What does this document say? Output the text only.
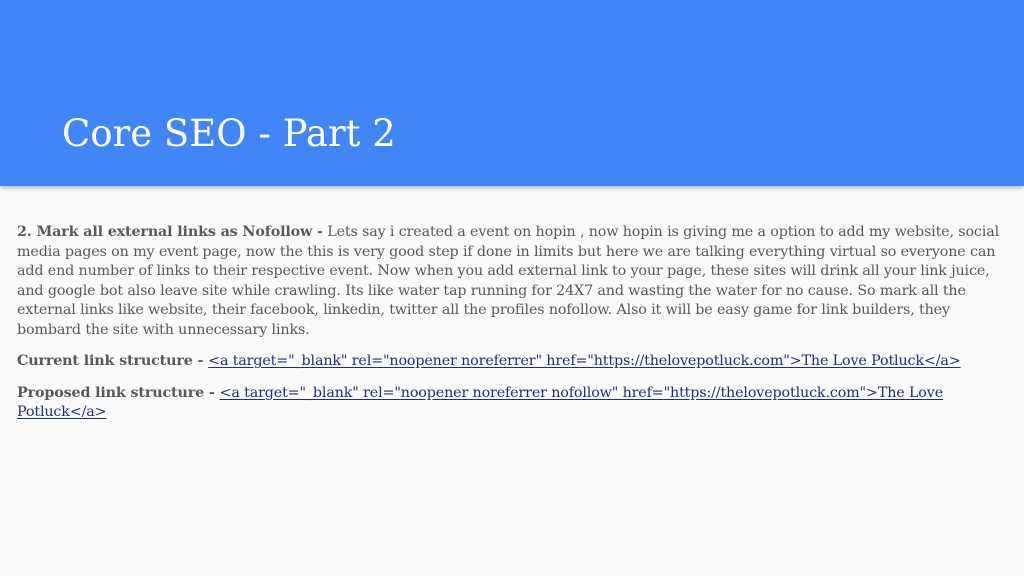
Core SEO - Part 2

2. Mark all external links as Nofollow - Lets say i created a event on hopin , now hopin is giving me a option to add my website, social media pages on my event page, now the this is very good step if done in limits but here we are talking everything virtual so everyone can add end number of links to their respective event. Now when you add external link to your page, these sites will drink all your link juice, and google bot also leave site while crawling. Its like water tap running for 24X7 and wasting the water for no cause. So mark all the external links like website, their facebook, linkedin, twitter all the profiles nofollow. Also it will be easy game for link builders, they bombard the site with unnecessary links.

Current link structure - <a target="_blank" rel="noopener noreferrer" href="https://thelovepotluck.com">The Love Potluck</a>

Proposed link structure - <a target="_blank" rel="noopener noreferrer nofollow" href="https://thelovepotluck.com">The Love Potluck</a>
